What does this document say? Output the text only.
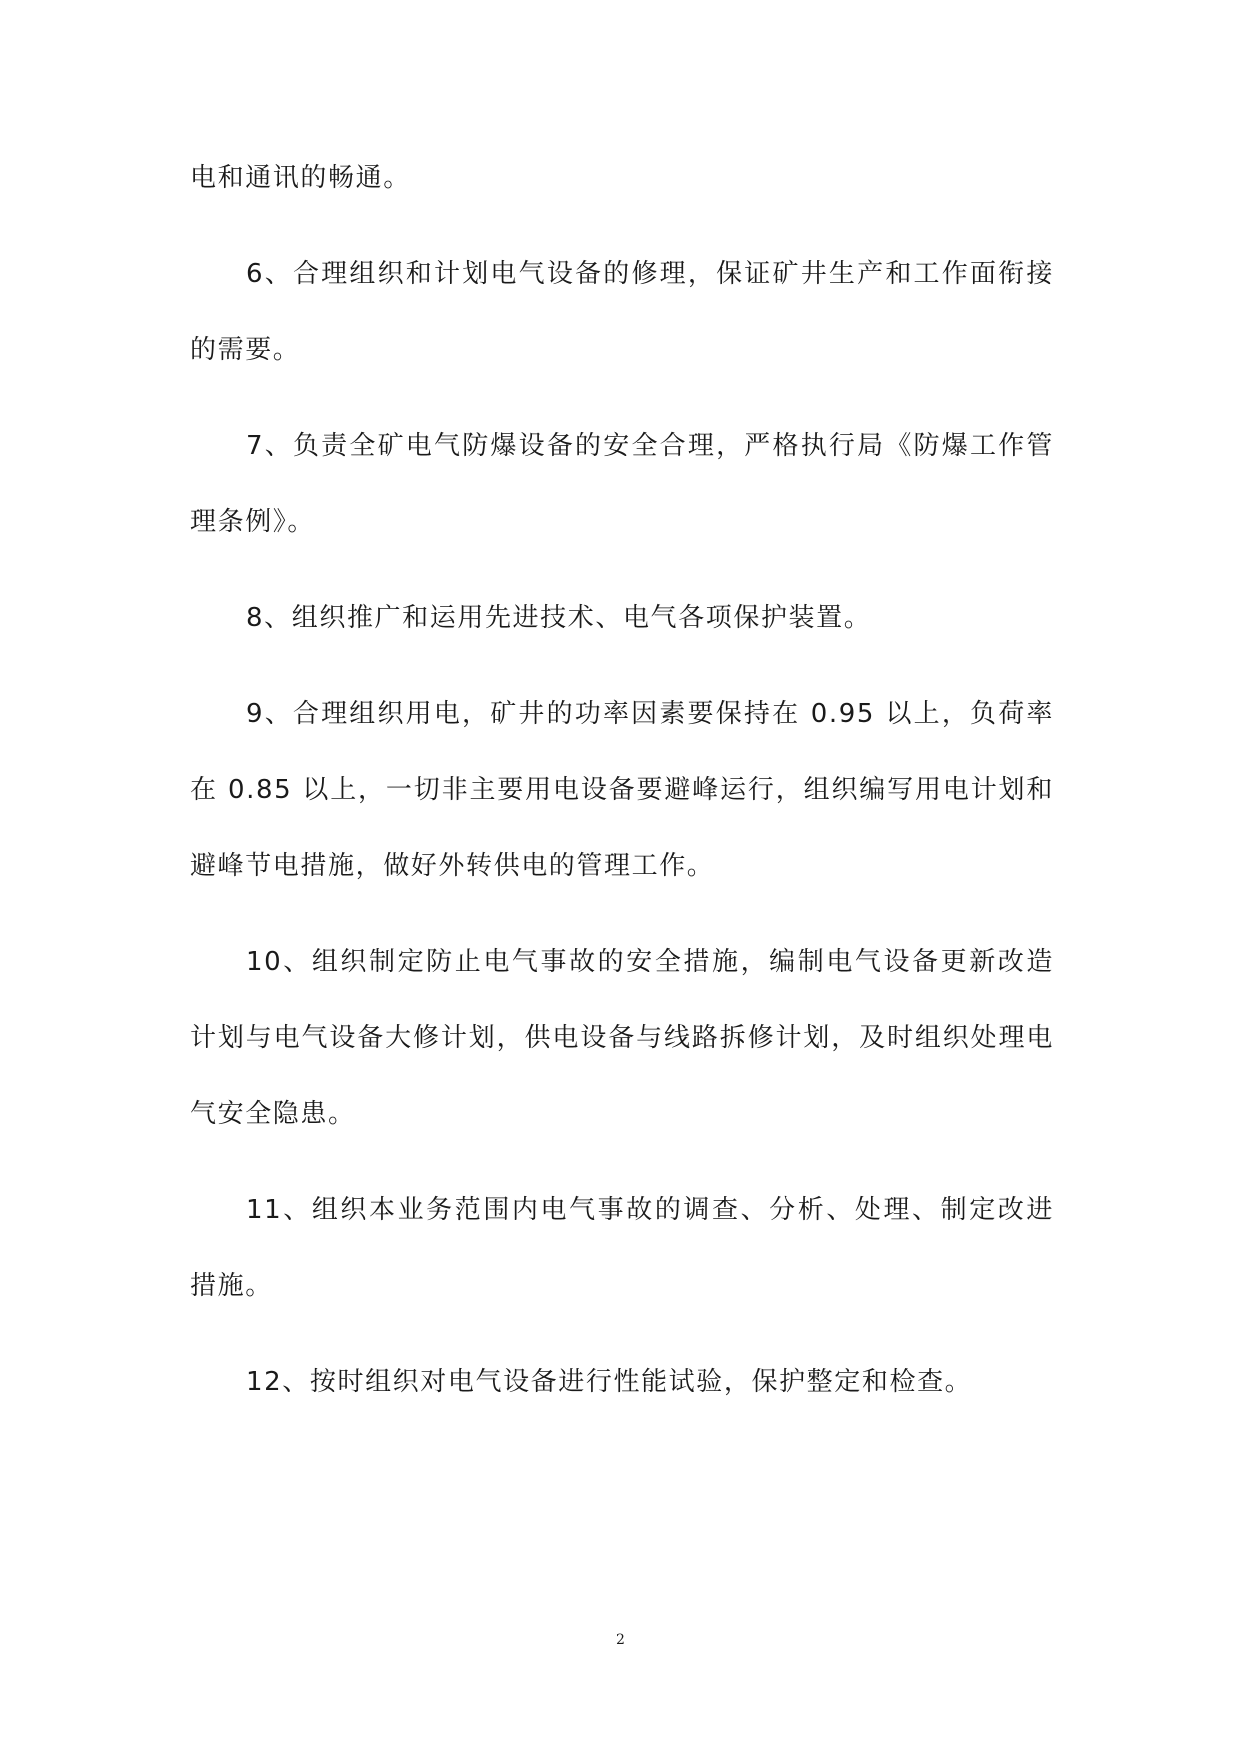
电和通讯的畅通。

6、合理组织和计划电气设备的修理，保证矿井生产和工作面衔接的需要。

7、负责全矿电气防爆设备的安全合理，严格执行局《防爆工作管理条例》。

8、组织推广和运用先进技术、电气各项保护装置。

9、合理组织用电，矿井的功率因素要保持在 0.95 以上，负荷率在 0.85 以上，一切非主要用电设备要避峰运行，组织编写用电计划和避峰节电措施，做好外转供电的管理工作。

10、组织制定防止电气事故的安全措施，编制电气设备更新改造计划与电气设备大修计划，供电设备与线路拆修计划，及时组织处理电气安全隐患。

11、组织本业务范围内电气事故的调查、分析、处理、制定改进措施。

12、按时组织对电气设备进行性能试验，保护整定和检查。

2
